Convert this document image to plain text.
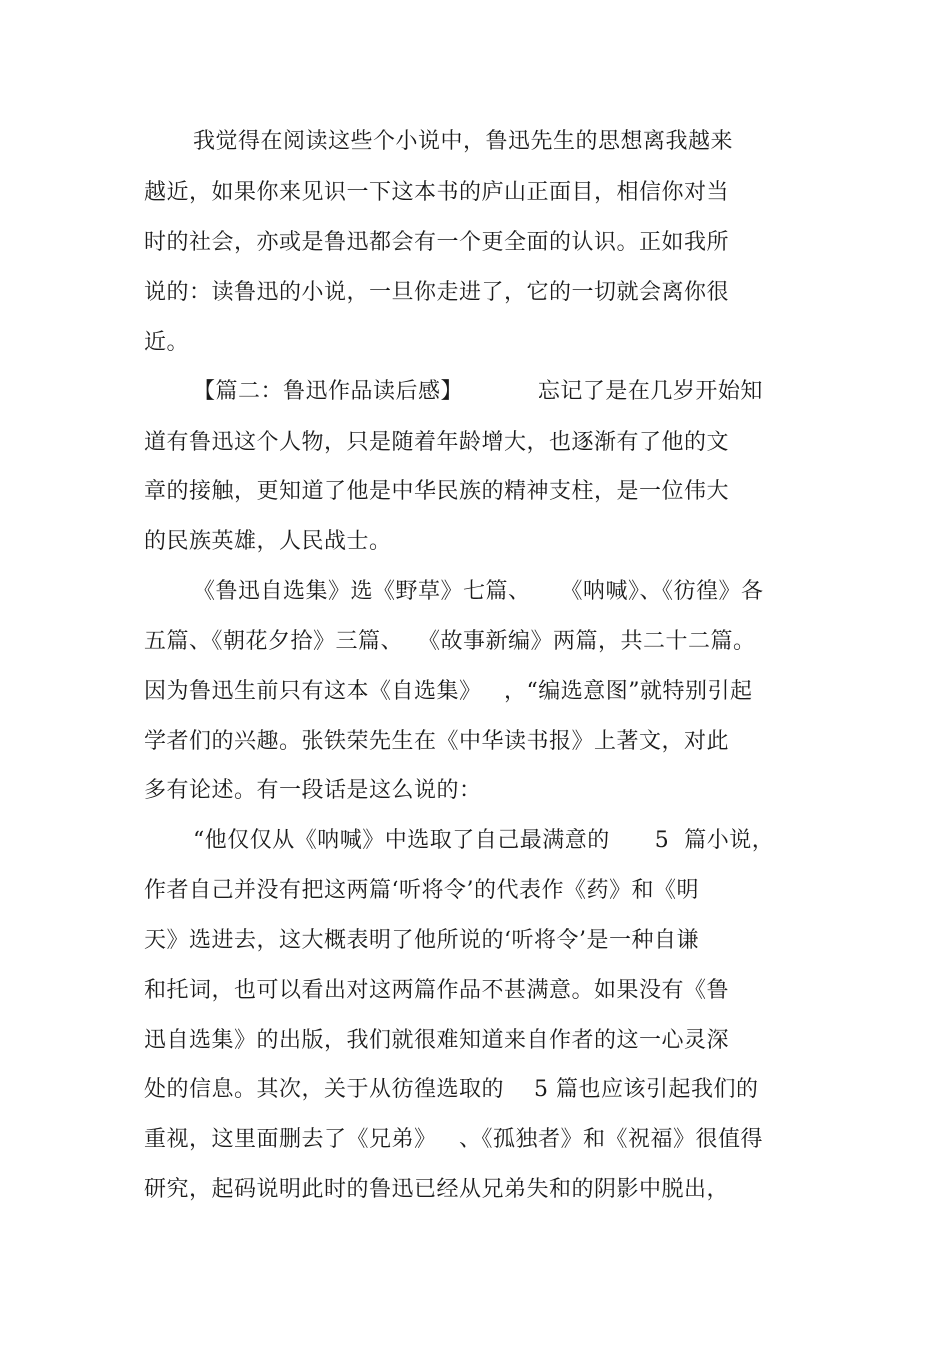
我觉得在阅读这些个小说中，鲁迅先生的思想离我越来
越近，如果你来见识一下这本书的庐山正面目，相信你对当
时的社会，亦或是鲁迅都会有一个更全面的认识。正如我所
说的：读鲁迅的小说，一旦你走进了，它的一切就会离你很
近。
【篇二：鲁迅作品读后感】          忘记了是在几岁开始知
道有鲁迅这个人物，只是随着年龄增大，也逐渐有了他的文
章的接触，更知道了他是中华民族的精神支柱，是一位伟大
的民族英雄，人民战士。
《鲁迅自选集》选《野草》七篇、    《呐喊》、《彷徨》各
五篇、《朝花夕拾》三篇、  《故事新编》两篇，共二十二篇。
因为鲁迅生前只有这本《自选集》   ，“编选意图”就特别引起
学者们的兴趣。张铁荣先生在《中华读书报》上著文，对此
多有论述。有一段话是这么说的：
“他仅仅从《呐喊》中选取了自己最满意的      5  篇小说，
作者自己并没有把这两篇‘听将令’的代表作《药》和《明
天》选进去，这大概表明了他所说的‘听将令’是一种自谦
和托词，也可以看出对这两篇作品不甚满意。如果没有《鲁
迅自选集》的出版，我们就很难知道来自作者的这一心灵深
处的信息。其次，关于从彷徨选取的    5 篇也应该引起我们的
重视，这里面删去了《兄弟》   、《孤独者》和《祝福》很值得
研究，起码说明此时的鲁迅已经从兄弟失和的阴影中脱出，
